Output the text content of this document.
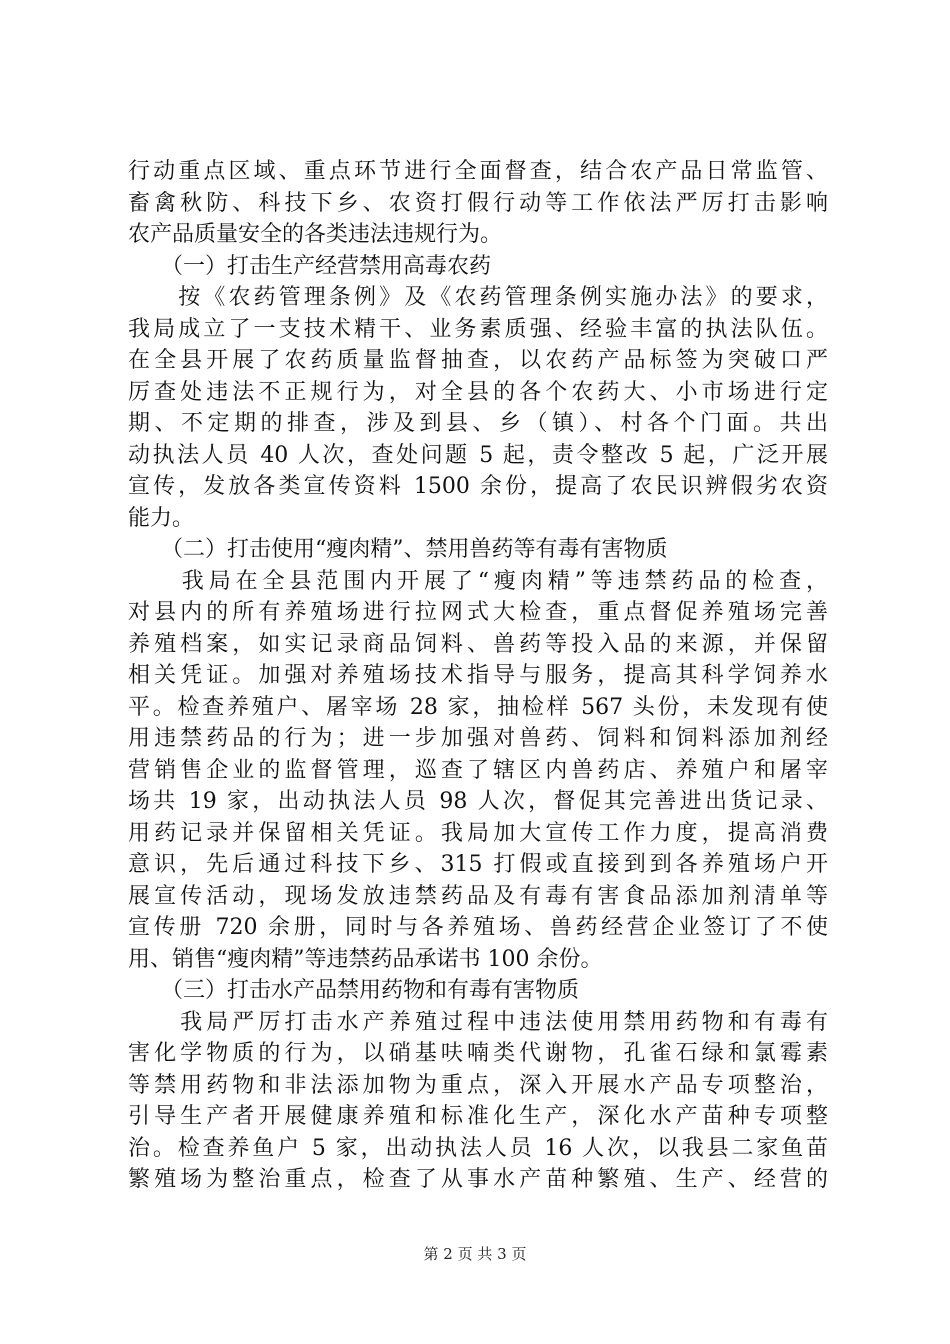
行动重点区域、重点环节进行全面督查，结合农产品日常监管、
畜禽秋防、科技下乡、农资打假行动等工作依法严厉打击影响
农产品质量安全的各类违法违规行为。
　　（一）打击生产经营禁用高毒农药
　　按《农药管理条例》及《农药管理条例实施办法》的要求，
我局成立了一支技术精干、业务素质强、经验丰富的执法队伍。
在全县开展了农药质量监督抽查，以农药产品标签为突破口严
厉查处违法不正规行为，对全县的各个农药大、小市场进行定
期、不定期的排查，涉及到县、乡（镇）、村各个门面。共出
动执法人员 40 人次，查处问题 5 起，责令整改 5 起，广泛开展
宣传，发放各类宣传资料 1500 余份，提高了农民识辨假劣农资
能力。
　　（二）打击使用“瘦肉精”、禁用兽药等有毒有害物质
　　我局在全县范围内开展了“瘦肉精”等违禁药品的检查，
对县内的所有养殖场进行拉网式大检查，重点督促养殖场完善
养殖档案，如实记录商品饲料、兽药等投入品的来源，并保留
相关凭证。加强对养殖场技术指导与服务，提高其科学饲养水
平。检查养殖户、屠宰场 28 家，抽检样 567 头份，未发现有使
用违禁药品的行为；进一步加强对兽药、饲料和饲料添加剂经
营销售企业的监督管理，巡查了辖区内兽药店、养殖户和屠宰
场共 19 家，出动执法人员 98 人次，督促其完善进出货记录、
用药记录并保留相关凭证。我局加大宣传工作力度，提高消费
意识，先后通过科技下乡、315 打假或直接到到各养殖场户开
展宣传活动，现场发放违禁药品及有毒有害食品添加剂清单等
宣传册 720 余册，同时与各养殖场、兽药经营企业签订了不使
用、销售“瘦肉精”等违禁药品承诺书 100 余份。
　　（三）打击水产品禁用药物和有毒有害物质
　　我局严厉打击水产养殖过程中违法使用禁用药物和有毒有
害化学物质的行为，以硝基呋喃类代谢物，孔雀石绿和氯霉素
等禁用药物和非法添加物为重点，深入开展水产品专项整治，
引导生产者开展健康养殖和标准化生产，深化水产苗种专项整
治。检查养鱼户 5 家，出动执法人员 16 人次，以我县二家鱼苗
繁殖场为整治重点，检查了从事水产苗种繁殖、生产、经营的
第 2 页 共 3 页
